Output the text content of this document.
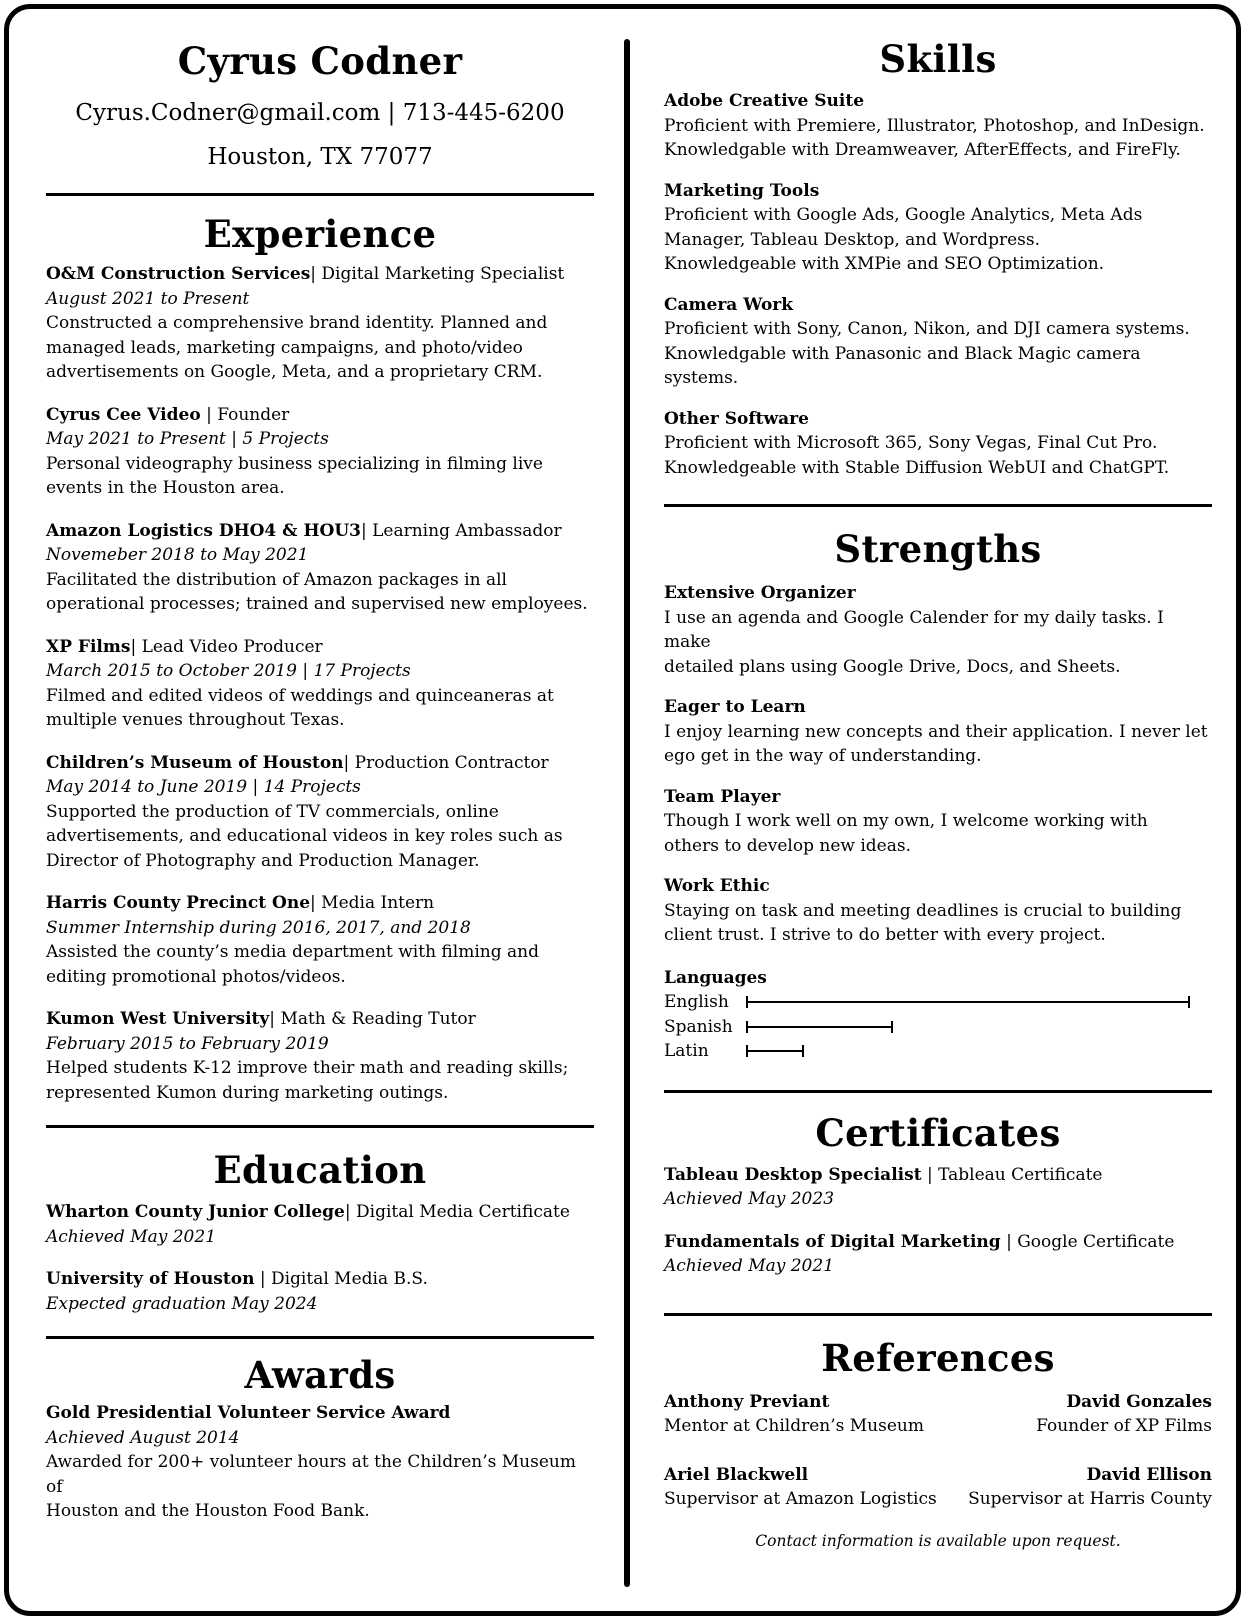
Cyrus Codner
Cyrus.Codner@gmail.com | 713-445-6200
Houston, TX 77077
Experience

O&M Construction Services| Digital Marketing Specialist

August 2021 to Present

Constructed a comprehensive brand identity. Planned and

managed leads, marketing campaigns, and photo/video

advertisements on Google, Meta, and a proprietary CRM.

Cyrus Cee Video | Founder

May 2021 to Present | 5 Projects

Personal videography business specializing in filming live

events in the Houston area.

Amazon Logistics DHO4 & HOU3| Learning Ambassador

Novemeber 2018 to May 2021

Facilitated the distribution of Amazon packages in all

operational processes; trained and supervised new employees.

XP Films| Lead Video Producer

March 2015 to October 2019 | 17 Projects

Filmed and edited videos of weddings and quinceaneras at

multiple venues throughout Texas.

Children’s Museum of Houston| Production Contractor

May 2014 to June 2019 | 14 Projects

Supported the production of TV commercials, online

advertisements, and educational videos in key roles such as

Director of Photography and Production Manager.

Harris County Precinct One| Media Intern

Summer Internship during 2016, 2017, and 2018

Assisted the county’s media department with filming and

editing promotional photos/videos.

Kumon West University| Math & Reading Tutor

February 2015 to February 2019

Helped students K-12 improve their math and reading skills;

represented Kumon during marketing outings.

Education

Wharton County Junior College| Digital Media Certificate

Achieved May 2021

University of Houston | Digital Media B.S.

Expected graduation May 2024

Awards

Gold Presidential Volunteer Service Award

Achieved August 2014

Awarded for 200+ volunteer hours at the Children’s Museum of

Houston and the Houston Food Bank.

Skills

Adobe Creative Suite

Proficient with Premiere, Illustrator, Photoshop, and InDesign.

Knowledgable with Dreamweaver, AfterEffects, and FireFly.

Marketing Tools

Proficient with Google Ads, Google Analytics, Meta Ads

Manager, Tableau Desktop, and Wordpress.

Knowledgeable with XMPie and SEO Optimization.

Camera Work

Proficient with Sony, Canon, Nikon, and DJI camera systems.

Knowledgable with Panasonic and Black Magic camera systems.

Other Software

Proficient with Microsoft 365, Sony Vegas, Final Cut Pro.

Knowledgeable with Stable Diffusion WebUI and ChatGPT.

Strengths

Extensive Organizer

I use an agenda and Google Calender for my daily tasks. I make

detailed plans using Google Drive, Docs, and Sheets.

Eager to Learn

I enjoy learning new concepts and their application. I never let

ego get in the way of understanding.

Team Player

Though I work well on my own, I welcome working with

others to develop new ideas.

Work Ethic

Staying on task and meeting deadlines is crucial to building

client trust. I strive to do better with every project.

Languages

English
Spanish
Latin
Certificates

Tableau Desktop Specialist | Tableau Certificate

Achieved May 2023

Fundamentals of Digital Marketing | Google Certificate

Achieved May 2021

References
Anthony Previant
Mentor at Children’s Museum
David Gonzales
Founder of XP Films
Ariel Blackwell
Supervisor at Amazon Logistics
David Ellison
Supervisor at Harris County
Contact information is available upon request.
